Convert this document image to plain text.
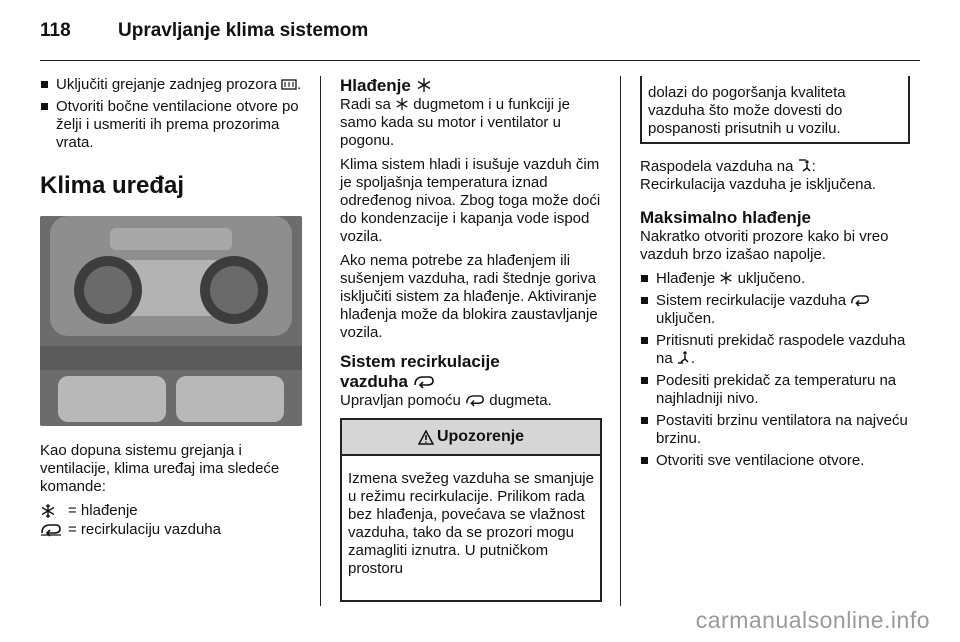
118 Upravljanje klima sistemom
Uključiti grejanje zadnjeg prozora .
Otvoriti bočne ventilacione otvore po želji i usmeriti ih prema prozorima vrata.
Klima uređaj

Kao dopuna sistemu grejanja i ventilacije, klima uređaj ima sledeće komande:

= hlađenje
= recirkulaciju vazduha
Hlađenje

Radi sa dugmetom i u funkciji je samo kada su motor i ventilator u pogonu.

Klima sistem hladi i isušuje vazduh čim je spoljašnja temperatura iznad određenog nivoa. Zbog toga može doći do kondenzacije i kapanja vode ispod vozila.

Ako nema potrebe za hlađenjem ili sušenjem vazduha, radi štednje goriva isključiti sistem za hlađenje. Aktiviranje hlađenja može da blokira zaustavljanje vozila.

Sistem recirkulacije
vazduha

Upravljan pomoću dugmeta.

Upozorenje
Izmena svežeg vazduha se smanjuje u režimu recirkulacije. Prilikom rada bez hlađenja, povećava se vlažnost vazduha, tako da se prozori mogu zamagliti iznutra. U putničkom prostoru
dolazi do pogoršanja kvaliteta vazduha što može dovesti do pospanosti prisutnih u vozilu.

Raspodela vazduha na :
Recirkulacija vazduha je isključena.

Maksimalno hlađenje

Nakratko otvoriti prozore kako bi vreo vazduh brzo izašao napolje.

Hlađenje uključeno.
Sistem recirkulacije vazduha  uključen.
Pritisnuti prekidač raspodele vazduha na .
Podesiti prekidač za temperaturu na najhladniji nivo.
Postaviti brzinu ventilatora na najveću brzinu.
Otvoriti sve ventilacione otvore.
carmanualsonline.info
